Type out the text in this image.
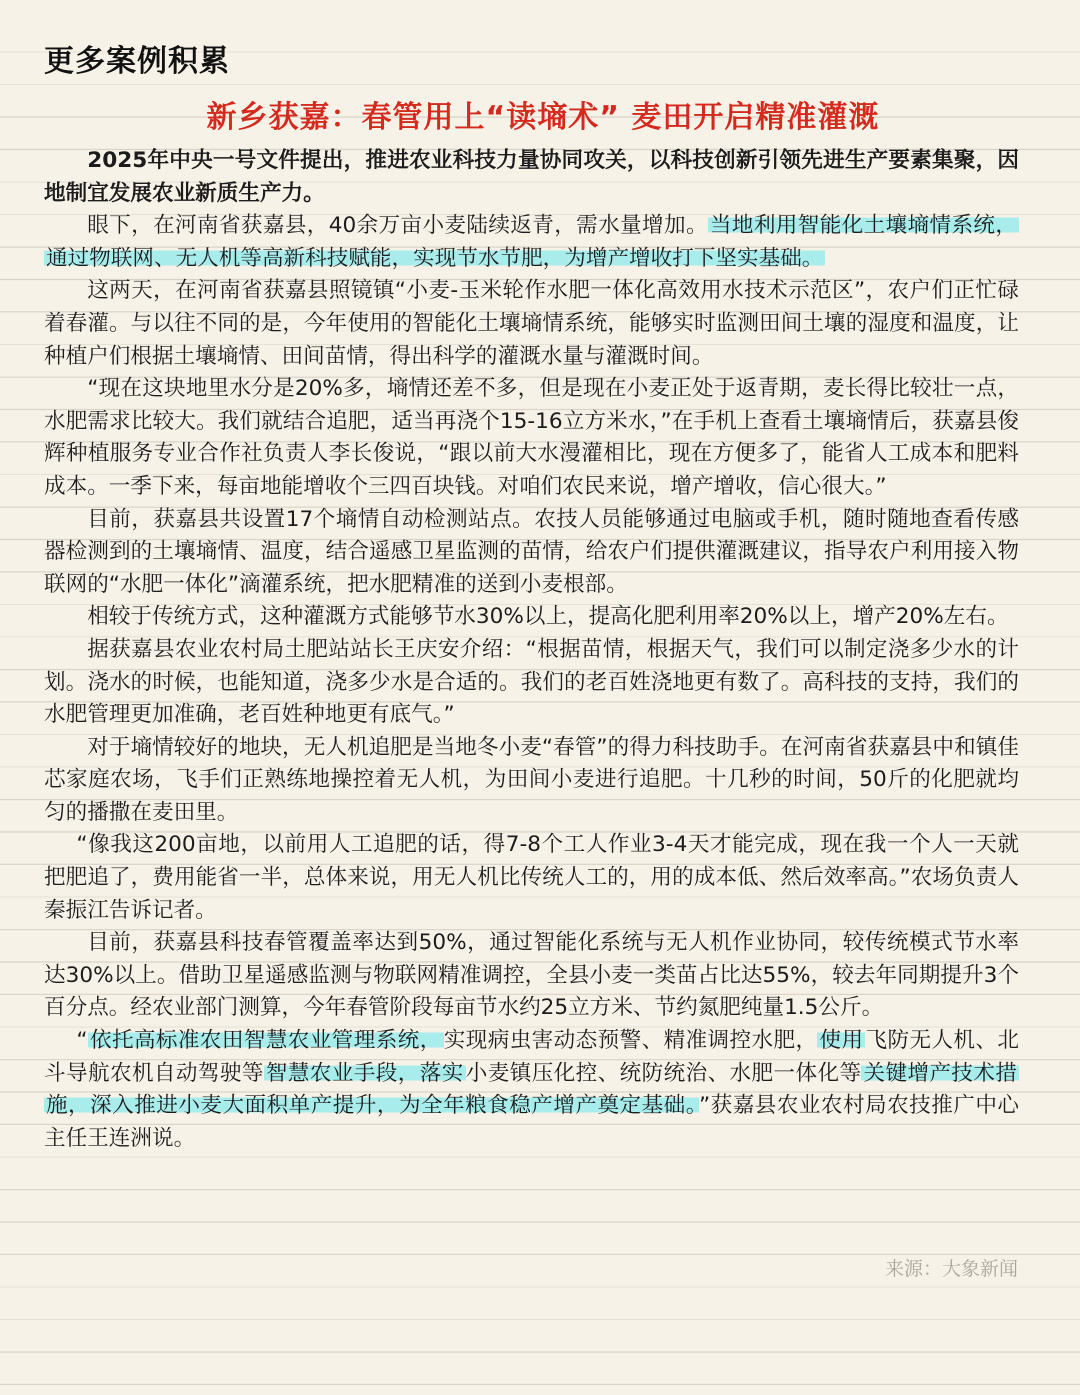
更多案例积累
新乡获嘉：春管用上“读墒术” 麦田开启精准灌溉

2025年中央一号文件提出，推进农业科技力量协同攻关，以科技创新引领先进生产要素集聚，因地制宜发展农业新质生产力。

眼下，在河南省获嘉县，40余万亩小麦陆续返青，需水量增加。当地利用智能化土壤墒情系统，通过物联网、无人机等高新科技赋能，实现节水节肥，为增产增收打下坚实基础。

这两天，在河南省获嘉县照镜镇“小麦-玉米轮作水肥一体化高效用水技术示范区”，农户们正忙碌着春灌。与以往不同的是，今年使用的智能化土壤墒情系统，能够实时监测田间土壤的湿度和温度，让种植户们根据土壤墒情、田间苗情，得出科学的灌溉水量与灌溉时间。

“现在这块地里水分是20%多，墒情还差不多，但是现在小麦正处于返青期，麦长得比较壮一点，水肥需求比较大。我们就结合追肥，适当再浇个15-16立方米水，”在手机上查看土壤墒情后，获嘉县俊辉种植服务专业合作社负责人李长俊说，“跟以前大水漫灌相比，现在方便多了，能省人工成本和肥料成本。一季下来，每亩地能增收个三四百块钱。对咱们农民来说，增产增收，信心很大。”

目前，获嘉县共设置17个墒情自动检测站点。农技人员能够通过电脑或手机，随时随地查看传感器检测到的土壤墒情、温度，结合遥感卫星监测的苗情，给农户们提供灌溉建议，指导农户利用接入物联网的“水肥一体化”滴灌系统，把水肥精准的送到小麦根部。

相较于传统方式，这种灌溉方式能够节水30%以上，提高化肥利用率20%以上，增产20%左右。

据获嘉县农业农村局土肥站站长王庆安介绍：“根据苗情，根据天气，我们可以制定浇多少水的计划。浇水的时候，也能知道，浇多少水是合适的。我们的老百姓浇地更有数了。高科技的支持，我们的水肥管理更加准确，老百姓种地更有底气。”

对于墒情较好的地块，无人机追肥是当地冬小麦“春管”的得力科技助手。在河南省获嘉县中和镇佳芯家庭农场，飞手们正熟练地操控着无人机，为田间小麦进行追肥。十几秒的时间，50斤的化肥就均匀的播撒在麦田里。

“像我这200亩地，以前用人工追肥的话，得7-8个工人作业3-4天才能完成，现在我一个人一天就把肥追了，费用能省一半，总体来说，用无人机比传统人工的，用的成本低、然后效率高。”农场负责人秦振江告诉记者。

目前，获嘉县科技春管覆盖率达到50%，通过智能化系统与无人机作业协同，较传统模式节水率达30%以上。借助卫星遥感监测与物联网精准调控，全县小麦一类苗占比达55%，较去年同期提升3个百分点。经农业部门测算，今年春管阶段每亩节水约25立方米、节约氮肥纯量1.5公斤。

“依托高标准农田智慧农业管理系统，实现病虫害动态预警、精准调控水肥，使用飞防无人机、北斗导航农机自动驾驶等智慧农业手段，落实小麦镇压化控、统防统治、水肥一体化等关键增产技术措施，深入推进小麦大面积单产提升，为全年粮食稳产增产奠定基础。”获嘉县农业农村局农技推广中心主任王连洲说。

来源：大象新闻
